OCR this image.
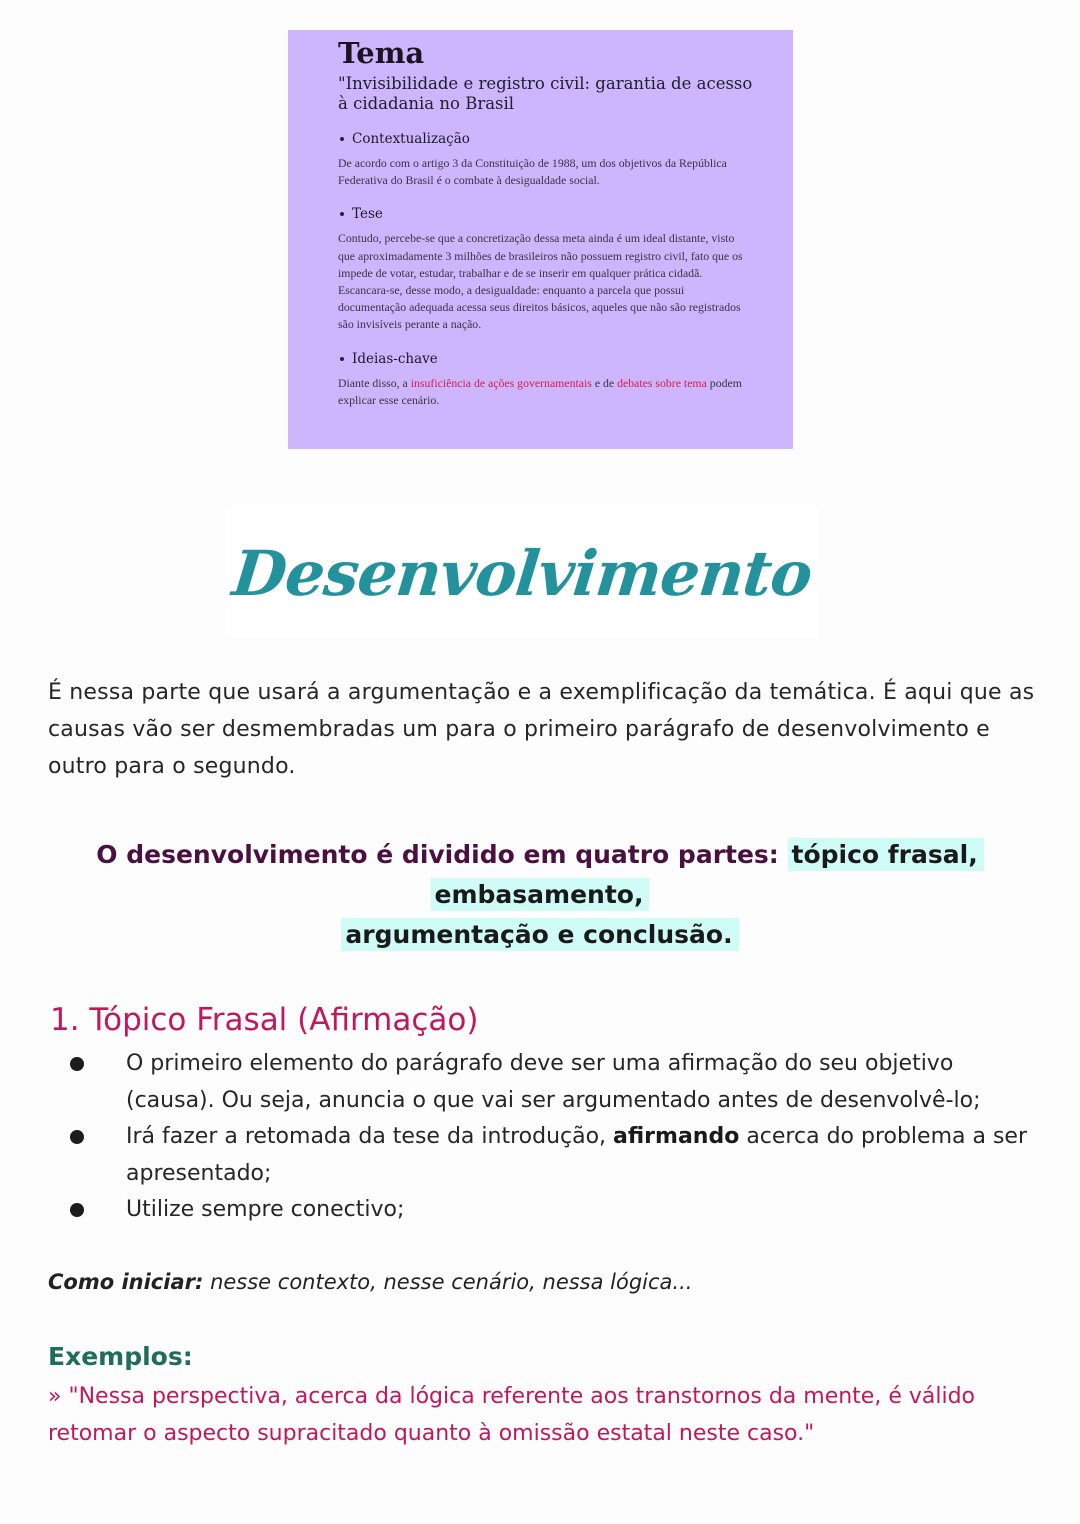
Tema
"Invisibilidade e registro civil: garantia de acesso à cidadania no Brasil
Contextualização
De acordo com o artigo 3 da Constituição de 1988, um dos objetivos da República Federativa do Brasil é o combate à desigualdade social.
Tese
Contudo, percebe-se que a concretização dessa meta ainda é um ideal distante, visto que aproximadamente 3 milhões de brasileiros não possuem registro civil, fato que os impede de votar, estudar, trabalhar e de se inserir em qualquer prática cidadã. Escancara-se, desse modo, a desigualdade: enquanto a parcela que possui documentação adequada acessa seus direitos básicos, aqueles que não são registrados são invisíveis perante a nação.
Ideias-chave
Diante disso, a insuficiência de ações governamentais e de debates sobre tema podem explicar esse cenário.
Desenvolvimento

É nessa parte que usará a argumentação e a exemplificação da temática. É aqui que as causas vão ser desmembradas um para o primeiro parágrafo de desenvolvimento e outro para o segundo.

O desenvolvimento é dividido em quatro partes: tópico frasal, embasamento,
argumentação e conclusão.

1. Tópico Frasal (Afirmação)
O primeiro elemento do parágrafo deve ser uma afirmação do seu objetivo (causa). Ou seja, anuncia o que vai ser argumentado antes de desenvolvê-lo;
Irá fazer a retomada da tese da introdução, afirmando acerca do problema a ser apresentado;
Utilize sempre conectivo;
Como iniciar: nesse contexto, nesse cenário, nessa lógica...
Exemplos:
» "Nessa perspectiva, acerca da lógica referente aos transtornos da mente, é válido retomar o aspecto supracitado quanto à omissão estatal neste caso."
